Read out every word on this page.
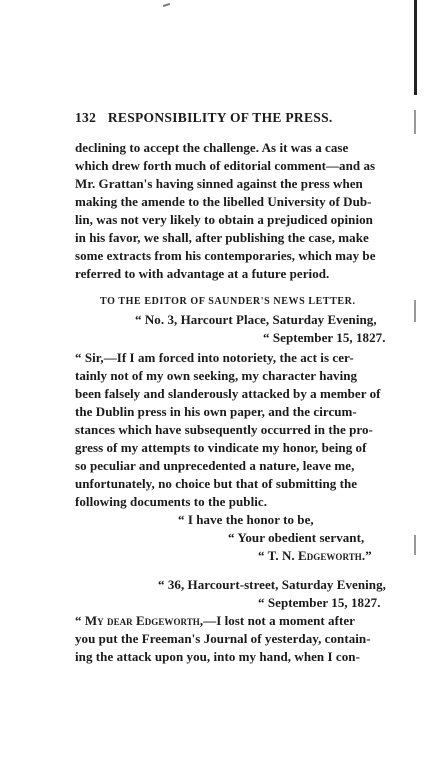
132 RESPONSIBILITY OF THE PRESS.
declining to accept the challenge. As it was a case
which drew forth much of editorial comment—and as
Mr. Grattan's having sinned against the press when
making the amende to the libelled University of Dub-
lin, was not very likely to obtain a prejudiced opinion
in his favor, we shall, after publishing the case, make
some extracts from his contemporaries, which may be
referred to with advantage at a future period.
TO THE EDITOR OF SAUNDER'S NEWS LETTER.
“ No. 3, Harcourt Place, Saturday Evening,
“ September 15, 1827.
“ Sir,—If I am forced into notoriety, the act is cer-
tainly not of my own seeking, my character having
been falsely and slanderously attacked by a member of
the Dublin press in his own paper, and the circum-
stances which have subsequently occurred in the pro-
gress of my attempts to vindicate my honor, being of
so peculiar and unprecedented a nature, leave me,
unfortunately, no choice but that of submitting the
following documents to the public.
“ I have the honor to be,
“ Your obedient servant,
“ T. N. Edgeworth.”
“ 36, Harcourt-street, Saturday Evening,
“ September 15, 1827.
“ My dear Edgeworth,—I lost not a moment after
you put the Freeman's Journal of yesterday, contain-
ing the attack upon you, into my hand, when I con-
